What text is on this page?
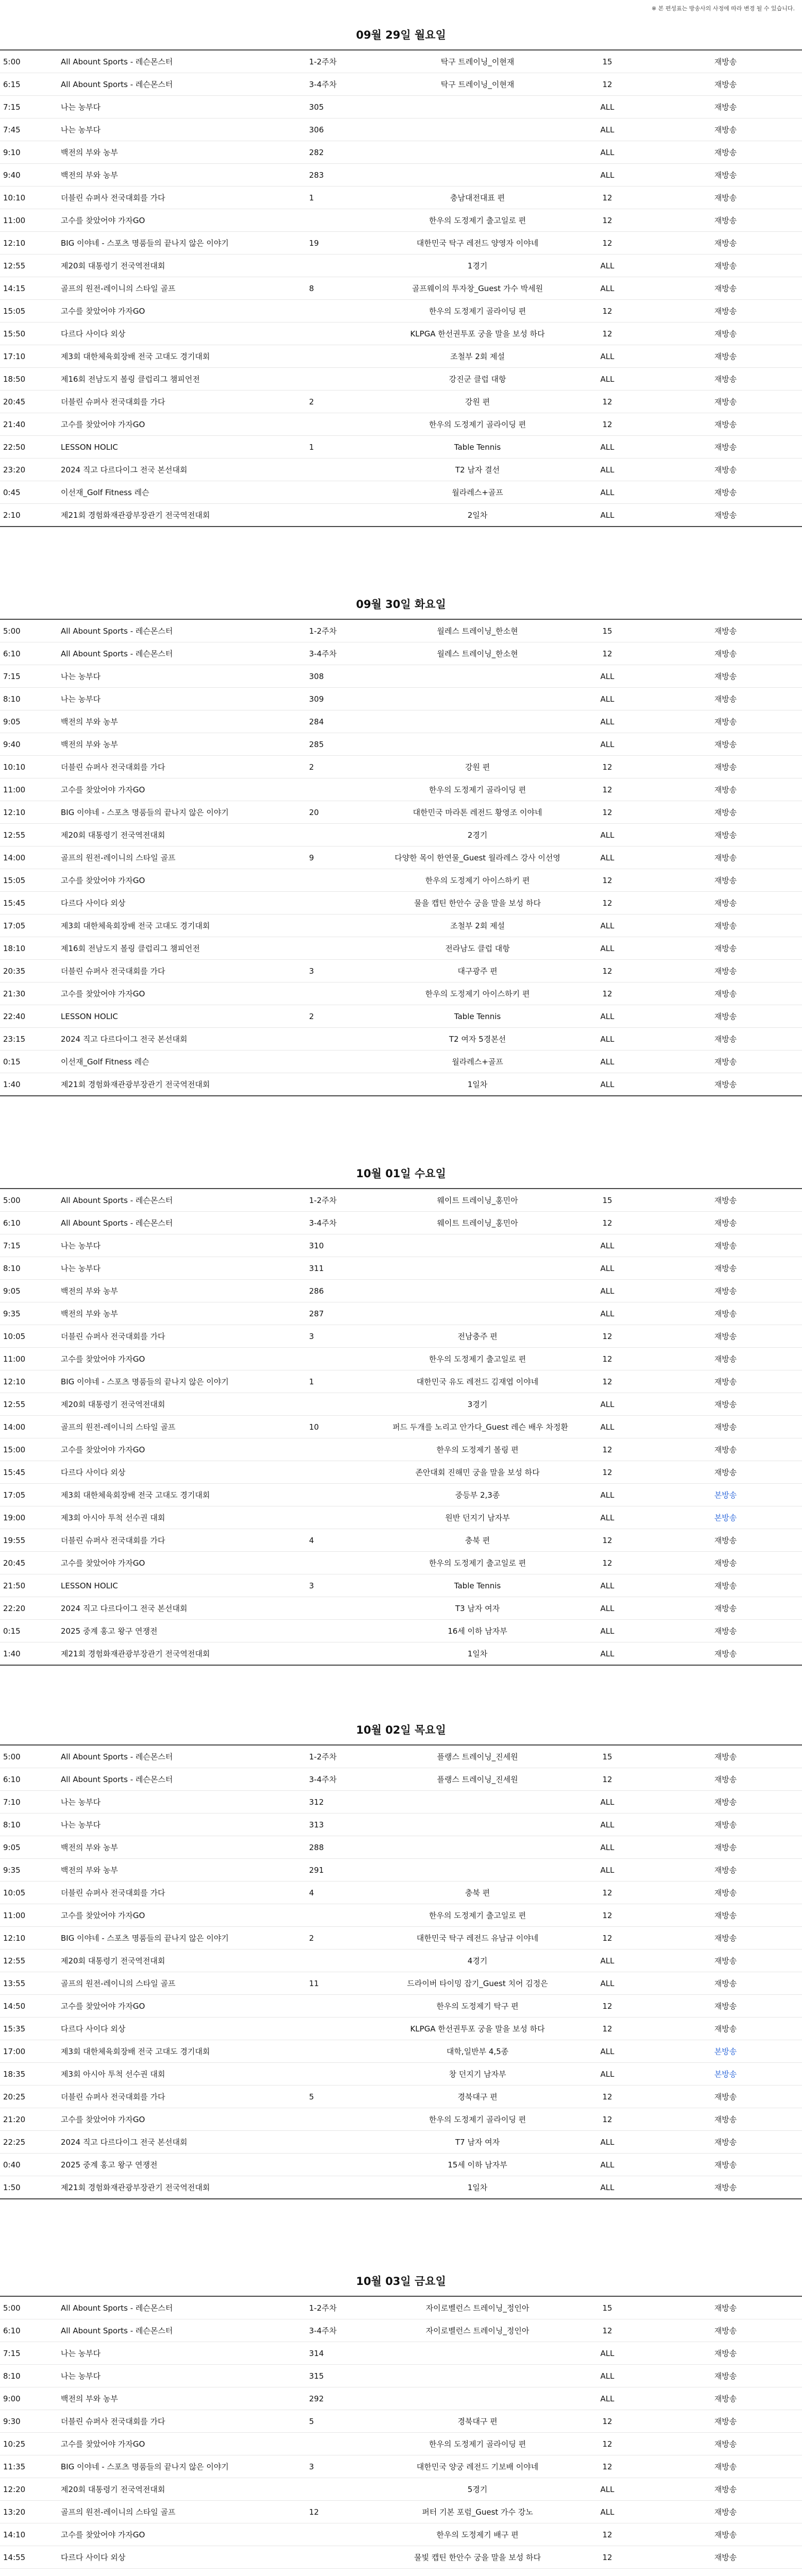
※ 본 편성표는 방송사의 사정에 따라 변경 될 수 있습니다.
09월 29일 월요일
5:00	All Abount Sports - 레슨몬스터	1-2주차	탁구 트레이닝_이현재	15	재방송
6:15	All Abount Sports - 레슨몬스터	3-4주차	탁구 트레이닝_이현재	12	재방송
7:15	나는 농부다	305		ALL	재방송
7:45	나는 농부다	306		ALL	재방송
9:10	백전의 부와 농부	282		ALL	재방송
9:40	백전의 부와 농부	283		ALL	재방송
10:10	더블린 슈퍼사 전국대회를 가다	1	충남대전대표 편	12	재방송
11:00	고수를 찾았어야 가자GO		한우의 도정제기 출고일로 편	12	재방송
12:10	BIG 이야네 - 스포츠 명품들의 끝나지 않은 이야기	19	대한민국 탁구 레전드 양영자 이야네	12	재방송
12:55	제20회 대통령기 전국역전대회		1경기	ALL	재방송
14:15	골프의 원전-레이니의 스타일 골프	8	골프웨이의 투자창_Guest 가수 박세원	ALL	재방송
15:05	고수를 찾았어야 가자GO		한우의 도정제기 골라이딩 편	12	재방송
15:50	다르다 사이다 외상		KLPGA 한선권투포 궁을 말을 보성 하다	12	재방송
17:10	제3회 대한체육회장배 전국 고대도 경기대회		조철부 2회 제설	ALL	재방송
18:50	제16회 전남도지 볼링 클럽리그 챔피언전		강진군 클럽 대항	ALL	재방송
20:45	더블린 슈퍼사 전국대회를 가다	2	강원 편	12	재방송
21:40	고수를 찾았어야 가자GO		한우의 도정제기 골라이딩 편	12	재방송
22:50	LESSON HOLIC	1	Table Tennis	ALL	재방송
23:20	2024 직고 다르다이그 전국 본선대회		T2 남자 결선	ALL	재방송
0:45	이선재_Golf Fitness 레슨		월라레스+골프	ALL	재방송
2:10	제21회 경험화재관광부장관기 전국역전대회		2일차	ALL	재방송
09월 30일 화요일
5:00	All Abount Sports - 레슨몬스터	1-2주차	월레스 트레이닝_한소현	15	재방송
6:10	All Abount Sports - 레슨몬스터	3-4주차	월레스 트레이닝_한소현	12	재방송
7:15	나는 농부다	308		ALL	재방송
8:10	나는 농부다	309		ALL	재방송
9:05	백전의 부와 농부	284		ALL	재방송
9:40	백전의 부와 농부	285		ALL	재방송
10:10	더블린 슈퍼사 전국대회를 가다	2	강원 편	12	재방송
11:00	고수를 찾았어야 가자GO		한우의 도정제기 골라이딩 편	12	재방송
12:10	BIG 이야네 - 스포츠 명품들의 끝나지 않은 이야기	20	대한민국 마라톤 레전드 황영조 이야네	12	재방송
12:55	제20회 대통령기 전국역전대회		2경기	ALL	재방송
14:00	골프의 원전-레이니의 스타일 골프	9	다양한 목이 한연물_Guest 월라레스 강사 이선영	ALL	재방송
15:05	고수를 찾았어야 가자GO		한우의 도정제기 아이스하키 편	12	재방송
15:45	다르다 사이다 외상		물을 캡틴 한안수 궁을 말을 보성 하다	12	재방송
17:05	제3회 대한체육회장배 전국 고대도 경기대회		조철부 2회 제설	ALL	재방송
18:10	제16회 전남도지 볼링 클럽리그 챔피언전		전라남도 클럽 대항	ALL	재방송
20:35	더블린 슈퍼사 전국대회를 가다	3	대구광주 편	12	재방송
21:30	고수를 찾았어야 가자GO		한우의 도정제기 아이스하키 편	12	재방송
22:40	LESSON HOLIC	2	Table Tennis	ALL	재방송
23:15	2024 직고 다르다이그 전국 본선대회		T2 여자 5경본선	ALL	재방송
0:15	이선재_Golf Fitness 레슨		월라레스+골프	ALL	재방송
1:40	제21회 경험화재관광부장관기 전국역전대회		1일차	ALL	재방송
10월 01일 수요일
5:00	All Abount Sports - 레슨몬스터	1-2주차	웨이트 트레이닝_홍민아	15	재방송
6:10	All Abount Sports - 레슨몬스터	3-4주차	웨이트 트레이닝_홍민아	12	재방송
7:15	나는 농부다	310		ALL	재방송
8:10	나는 농부다	311		ALL	재방송
9:05	백전의 부와 농부	286		ALL	재방송
9:35	백전의 부와 농부	287		ALL	재방송
10:05	더블린 슈퍼사 전국대회를 가다	3	전남충주 편	12	재방송
11:00	고수를 찾았어야 가자GO		한우의 도정제기 출고일로 편	12	재방송
12:10	BIG 이야네 - 스포츠 명품들의 끝나지 않은 이야기	1	대한민국 유도 레전드 김재엽 이야네	12	재방송
12:55	제20회 대통령기 전국역전대회		3경기	ALL	재방송
14:00	골프의 원전-레이니의 스타일 골프	10	퍼드 두개를 노리고 안가다_Guest 레슨 배우 차정환	ALL	재방송
15:00	고수를 찾았어야 가자GO		한우의 도정제기 볼링 편	12	재방송
15:45	다르다 사이다 외상		존안대회 진해민 궁을 말을 보성 하다	12	재방송
17:05	제3회 대한체육회장배 전국 고대도 경기대회		중등부 2,3종	ALL	본방송
19:00	제3회 아시아 투척 선수권 대회		원반 던지기 남자부	ALL	본방송
19:55	더블린 슈퍼사 전국대회를 가다	4	충북 편	12	재방송
20:45	고수를 찾았어야 가자GO		한우의 도정제기 출고일로 편	12	재방송
21:50	LESSON HOLIC	3	Table Tennis	ALL	재방송
22:20	2024 직고 다르다이그 전국 본선대회		T3 남자 여자	ALL	재방송
0:15	2025 중계 홍고 왕구 연쟁전		16세 이하 남자부	ALL	재방송
1:40	제21회 경험화재관광부장관기 전국역전대회		1일차	ALL	재방송
10월 02일 목요일
5:00	All Abount Sports - 레슨몬스터	1-2주차	플랭스 트레이닝_진세원	15	재방송
6:10	All Abount Sports - 레슨몬스터	3-4주차	플랭스 트레이닝_진세원	12	재방송
7:10	나는 농부다	312		ALL	재방송
8:10	나는 농부다	313		ALL	재방송
9:05	백전의 부와 농부	288		ALL	재방송
9:35	백전의 부와 농부	291		ALL	재방송
10:05	더블린 슈퍼사 전국대회를 가다	4	충북 편	12	재방송
11:00	고수를 찾았어야 가자GO		한우의 도정제기 출고일로 편	12	재방송
12:10	BIG 이야네 - 스포츠 명품들의 끝나지 않은 이야기	2	대한민국 탁구 레전드 유남규 이야네	12	재방송
12:55	제20회 대통령기 전국역전대회		4경기	ALL	재방송
13:55	골프의 원전-레이니의 스타일 골프	11	드라이버 타이밍 잡기_Guest 치어 김정은	ALL	재방송
14:50	고수를 찾았어야 가자GO		한우의 도정제기 탁구 편	12	재방송
15:35	다르다 사이다 외상		KLPGA 한선권투포 궁을 말을 보성 하다	12	재방송
17:00	제3회 대한체육회장배 전국 고대도 경기대회		대학,일반부 4,5종	ALL	본방송
18:35	제3회 아시아 투척 선수권 대회		창 던지기 남자부	ALL	본방송
20:25	더블린 슈퍼사 전국대회를 가다	5	경북대구 편	12	재방송
21:20	고수를 찾았어야 가자GO		한우의 도정제기 골라이딩 편	12	재방송
22:25	2024 직고 다르다이그 전국 본선대회		T7 남자 여자	ALL	재방송
0:40	2025 중계 홍고 왕구 연쟁전		15세 이하 남자부	ALL	재방송
1:50	제21회 경험화재관광부장관기 전국역전대회		1일차	ALL	재방송
10월 03일 금요일
5:00	All Abount Sports - 레슨몬스터	1-2주차	자이로벨런스 트레이닝_정인아	15	재방송
6:10	All Abount Sports - 레슨몬스터	3-4주차	자이로벨런스 트레이닝_정인아	12	재방송
7:15	나는 농부다	314		ALL	재방송
8:10	나는 농부다	315		ALL	재방송
9:00	백전의 부와 농부	292		ALL	재방송
9:30	더블린 슈퍼사 전국대회를 가다	5	경북대구 편	12	재방송
10:25	고수를 찾았어야 가자GO		한우의 도정제기 골라이딩 편	12	재방송
11:35	BIG 이야네 - 스포츠 명품들의 끝나지 않은 이야기	3	대한민국 양궁 레전드 기보배 이야네	12	재방송
12:20	제20회 대통령기 전국역전대회		5경기	ALL	재방송
13:20	골프의 원전-레이니의 스타일 골프	12	퍼터 기본 포럼_Guest 가수 강노	ALL	재방송
14:10	고수를 찾았어야 가자GO		한우의 도정제기 배구 편	12	재방송
14:55	다르다 사이다 외상		물빛 캡틴 한안수 궁을 말을 보성 하다	12	재방송
